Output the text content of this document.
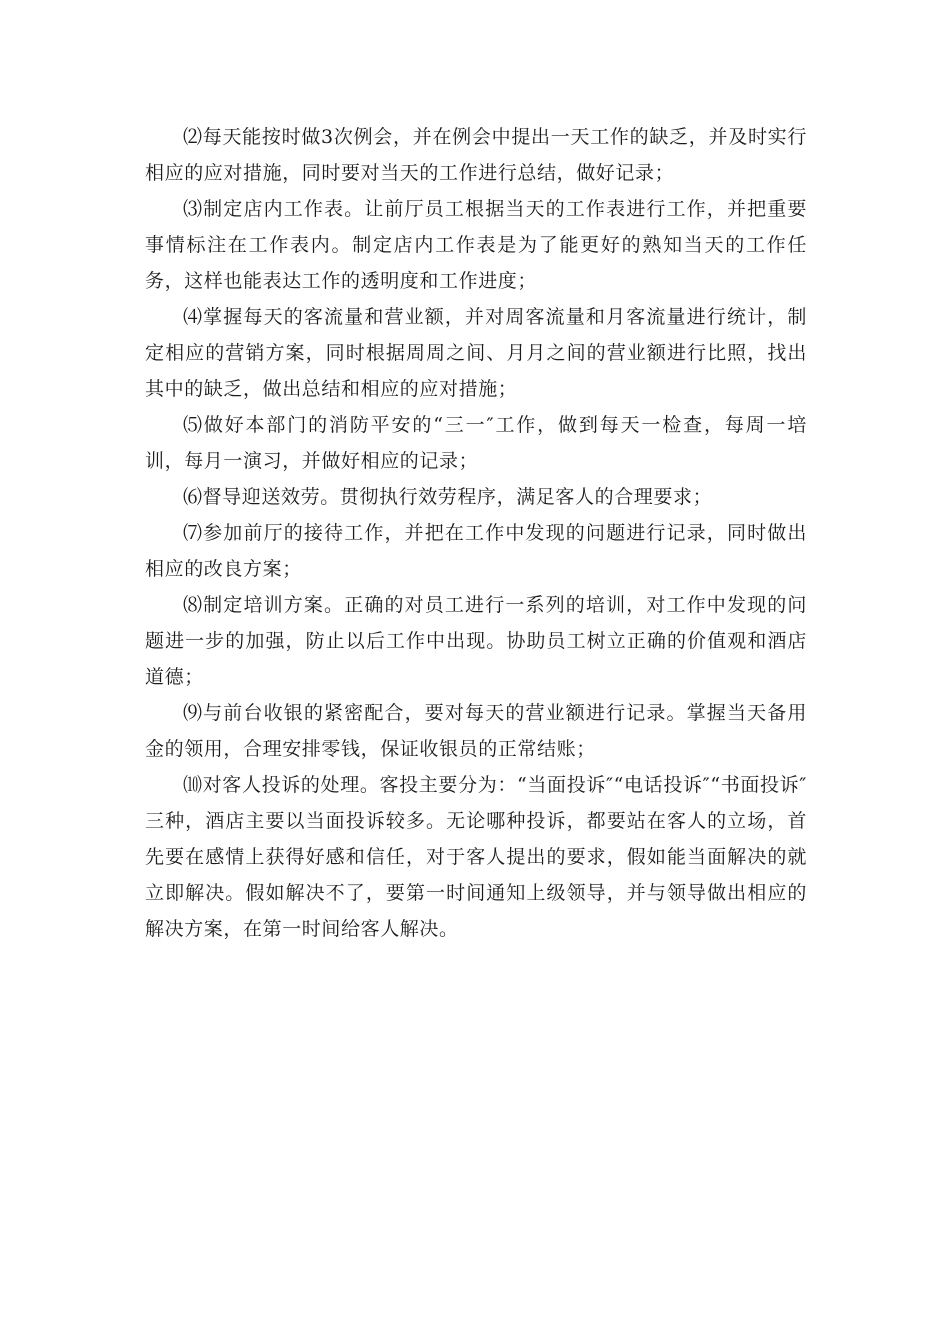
⑵每天能按时做3次例会，并在例会中提出一天工作的缺乏，并及时实行相应的应对措施，同时要对当天的工作进行总结，做好记录；

⑶制定店内工作表。让前厅员工根据当天的工作表进行工作，并把重要事情标注在工作表内。制定店内工作表是为了能更好的熟知当天的工作任务，这样也能表达工作的透明度和工作进度；

⑷掌握每天的客流量和营业额，并对周客流量和月客流量进行统计，制定相应的营销方案，同时根据周周之间、月月之间的营业额进行比照，找出其中的缺乏，做出总结和相应的应对措施；

⑸做好本部门的消防平安的“三一″工作，做到每天一检查，每周一培训，每月一演习，并做好相应的记录；

⑹督导迎送效劳。贯彻执行效劳程序，满足客人的合理要求；

⑺参加前厅的接待工作，并把在工作中发现的问题进行记录，同时做出相应的改良方案；

⑻制定培训方案。正确的对员工进行一系列的培训，对工作中发现的问题进一步的加强，防止以后工作中出现。协助员工树立正确的价值观和酒店道德；

⑼与前台收银的紧密配合，要对每天的营业额进行记录。掌握当天备用金的领用，合理安排零钱，保证收银员的正常结账；

⑽对客人投诉的处理。客投主要分为：“当面投诉″“电话投诉″“书面投诉″三种，酒店主要以当面投诉较多。无论哪种投诉，都要站在客人的立场，首先要在感情上获得好感和信任，对于客人提出的要求，假如能当面解决的就立即解决。假如解决不了，要第一时间通知上级领导，并与领导做出相应的解决方案，在第一时间给客人解决。
